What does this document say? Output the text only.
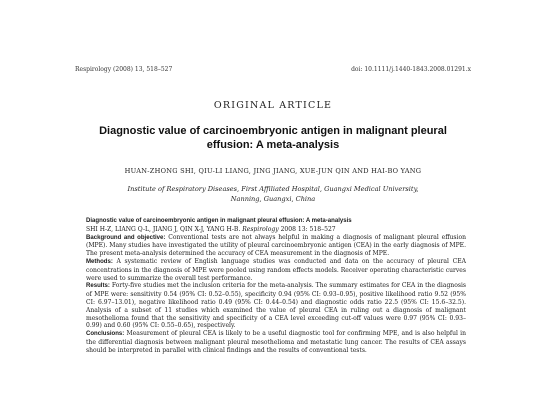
Respirology (2008) 13, 518–527	doi: 10.1111/j.1440-1843.2008.01291.x
ORIGINAL ARTICLE
Diagnostic value of carcinoembryonic antigen in malignant pleural effusion: A meta-analysis
HUAN-ZHONG SHI, QIU-LI LIANG, JING JIANG, XUE-JUN QIN AND HAI-BO YANG
Institute of Respiratory Diseases, First Affiliated Hospital, Guangxi Medical University,
Nanning, Guangxi, China

Diagnostic value of carcinoembryonic antigen in malignant pleural effusion: A meta-analysis

SHI H-Z, LIANG Q-L, JIANG J, QIN X-J, YANG H-B. Respirology 2008 13: 518–527

Background and objective: Conventional tests are not always helpful in making a diagnosis of malignant pleural effusion (MPE). Many studies have investigated the utility of pleural carcinoembryonic antigen (CEA) in the early diagnosis of MPE. The present meta-analysis determined the accuracy of CEA measurement in the diagnosis of MPE.

Methods: A systematic review of English language studies was conducted and data on the accuracy of pleural CEA concentrations in the diagnosis of MPE were pooled using random effects models. Receiver operating characteristic curves were used to summarize the overall test performance.

Results: Forty-five studies met the inclusion criteria for the meta-analysis. The summary estimates for CEA in the diagnosis of MPE were: sensitivity 0.54 (95% CI: 0.52–0.55), specificity 0.94 (95% CI: 0.93–0.95), positive likelihood ratio 9.52 (95% CI: 6.97–13.01), negative likelihood ratio 0.49 (95% CI: 0.44–0.54) and diagnostic odds ratio 22.5 (95% CI: 15.6–32.5). Analysis of a subset of 11 studies which examined the value of pleural CEA in ruling out a diagnosis of malignant mesothelioma found that the sensitivity and specificity of a CEA level exceeding cut-off values were 0.97 (95% CI: 0.93–0.99) and 0.60 (95% CI: 0.55–0.65), respectively.

Conclusions: Measurement of pleural CEA is likely to be a useful diagnostic tool for confirming MPE, and is also helpful in the differential diagnosis between malignant pleural mesothelioma and metastatic lung cancer. The results of CEA assays should be interpreted in parallel with clinical findings and the results of conventional tests.
